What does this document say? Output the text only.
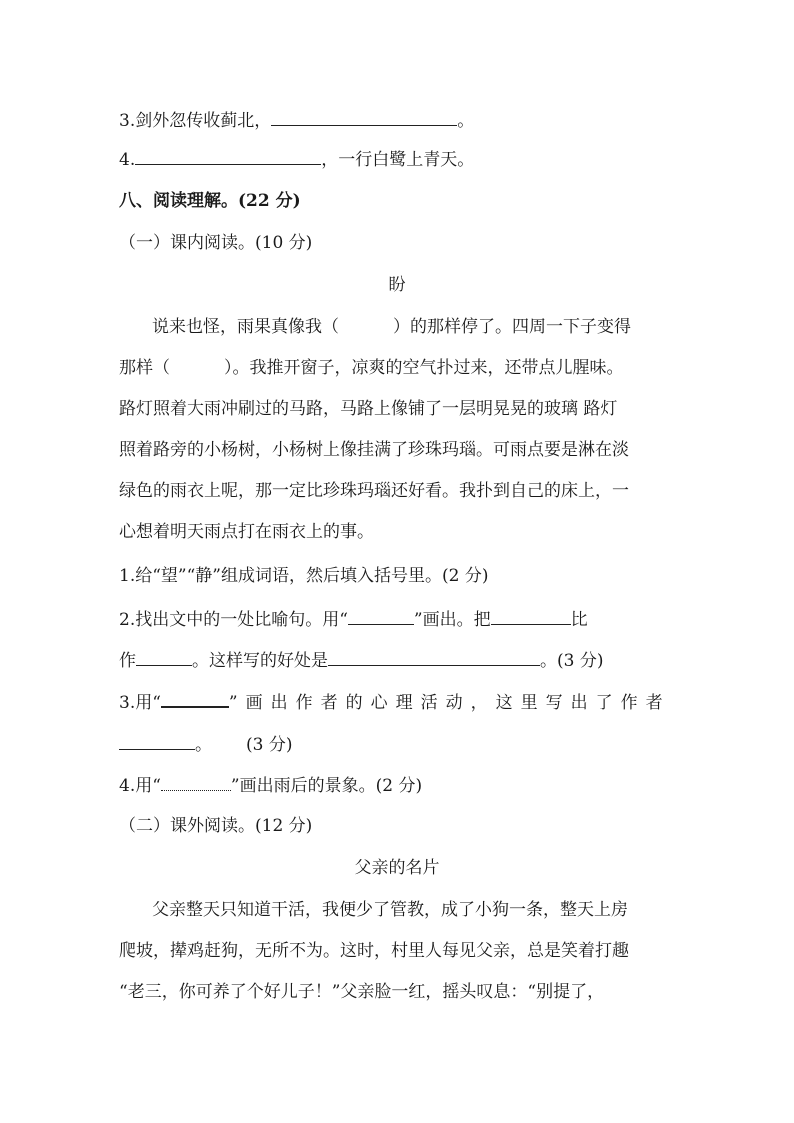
3.剑外忽传收蓟北，	。
4.	，一行白鹭上青天。
八、阅读理解。(22 分)
（一）课内阅读。(10 分)
盼
说来也怪，雨果真像我（	）的那样停了。四周一下子变得
那样（	）。我推开窗子，凉爽的空气扑过来，还带点儿腥味。
路灯照着大雨冲刷过的马路，马路上像铺了一层明晃晃的玻璃 路灯
照着路旁的小杨树，小杨树上像挂满了珍珠玛瑙。可雨点要是淋在淡
绿色的雨衣上呢，那一定比珍珠玛瑙还好看。我扑到自己的床上，一
心想着明天雨点打在雨衣上的事。
1.给“望”“静”组成词语，然后填入括号里。(2 分)
2.找出文中的一处比喻句。用“	”画出。把	比
作	。这样写的好处是	。(3 分)
3.用“	”画出作者的心理活动，这里写出了作者
。 (3 分)
4.用“	”画出雨后的景象。(2 分)
（二）课外阅读。(12 分)
父亲的名片
父亲整天只知道干活，我便少了管教，成了小狗一条，整天上房
爬坡，撵鸡赶狗，无所不为。这时，村里人每见父亲，总是笑着打趣
“老三，你可养了个好儿子！”父亲脸一红，摇头叹息：“别提了，
